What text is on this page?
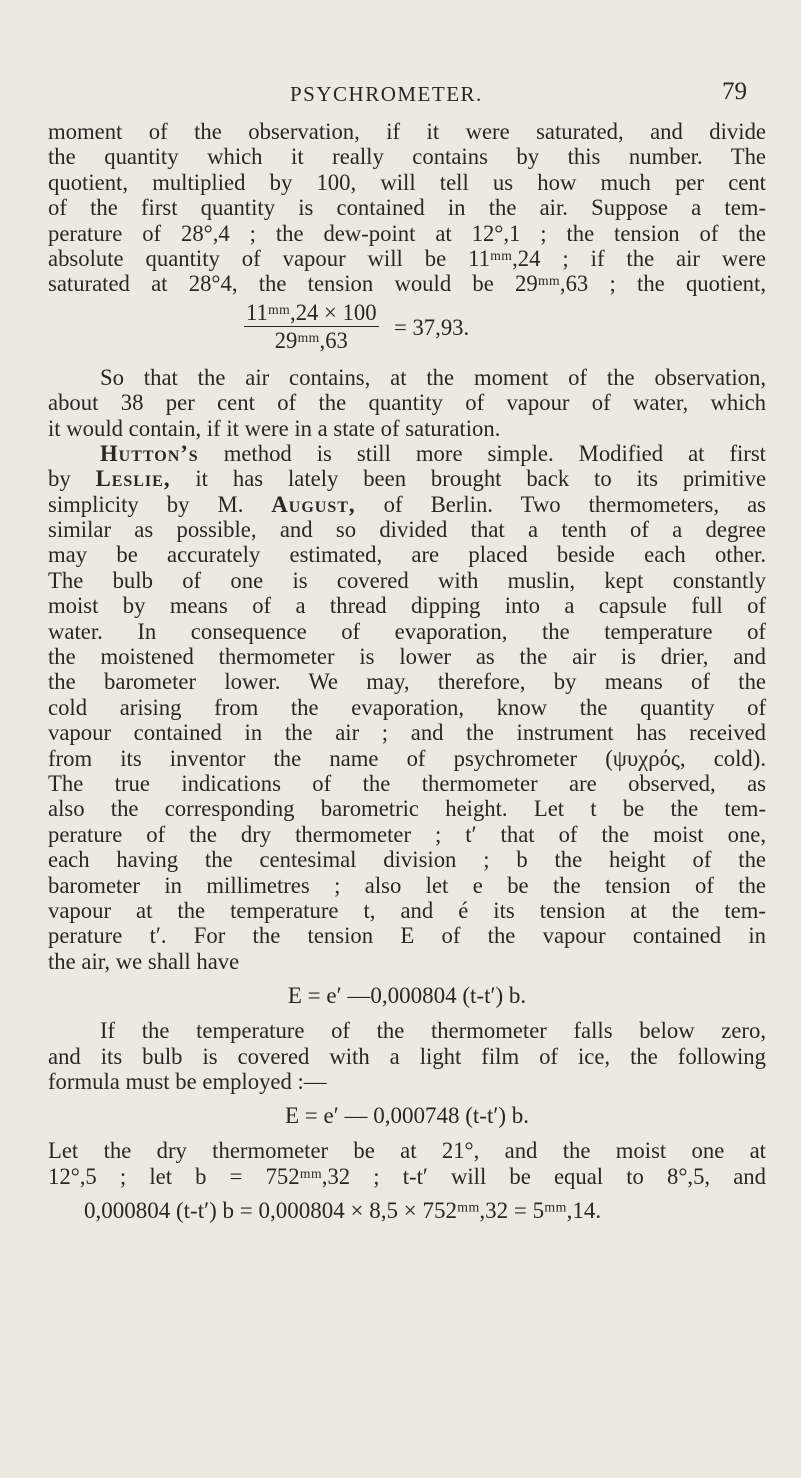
PSYCHROMETER.	79
moment of the observation, if it were saturated, and divide
the quantity which it really contains by this number. The
quotient, multiplied by 100, will tell us how much per cent
of the first quantity is contained in the air. Suppose a tem-
perature of 28°,4 ; the dew-point at 12°,1 ; the tension of the
absolute quantity of vapour will be 11ᵐᵐ,24 ; if the air were
saturated at 28°4, the tension would be 29ᵐᵐ,63 ; the quotient,
$\frac{\text{11ᵐᵐ,24 × 100}}{\text{29ᵐᵐ,63}} = 37,93$.
So that the air contains, at the moment of the observation,
about 38 per cent of the quantity of vapour of water, which
it would contain, if it were in a state of saturation.
Hutton’s method is still more simple. Modified at first
by Leslie, it has lately been brought back to its primitive
simplicity by M. August, of Berlin. Two thermometers, as
similar as possible, and so divided that a tenth of a degree
may be accurately estimated, are placed beside each other.
The bulb of one is covered with muslin, kept constantly
moist by means of a thread dipping into a capsule full of
water. In consequence of evaporation, the temperature of
the moistened thermometer is lower as the air is drier, and
the barometer lower. We may, therefore, by means of the
cold arising from the evaporation, know the quantity of
vapour contained in the air ; and the instrument has received
from its inventor the name of psychrometer (ψυχρός, cold).
The true indications of the thermometer are observed, as
also the corresponding barometric height. Let t be the tem-
perature of the dry thermometer ; t′ that of the moist one,
each having the centesimal division ; b the height of the
barometer in millimetres ; also let e be the tension of the
vapour at the temperature t, and é its tension at the tem-
perature t′. For the tension E of the vapour contained in
the air, we shall have
E = e′ —0,000804 (t-t′) b.
If the temperature of the thermometer falls below zero,
and its bulb is covered with a light film of ice, the following
formula must be employed :—
E = e′ — 0,000748 (t-t′) b.
Let the dry thermometer be at 21°, and the moist one at
12°,5 ; let b = 752ᵐᵐ,32 ; t-t′ will be equal to 8°,5, and
0,000804 (t-t′) b = 0,000804 × 8,5 × 752ᵐᵐ,32 = 5ᵐᵐ,14.
